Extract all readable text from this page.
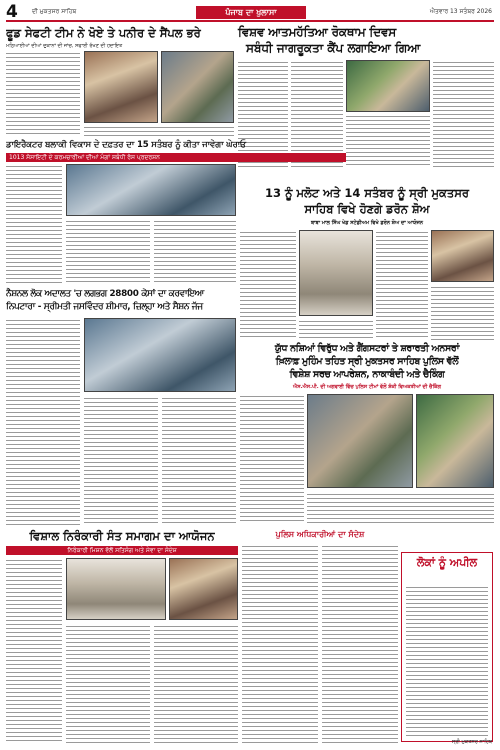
4 ਦੀ ਮੁਕਤਸਰ ਸਾਹਿਬ	ਪੰਜਾਬ ਦਾ ਖੁਲਾਸਾ	ਐਤਵਾਰ 13 ਸਤੰਬਰ 2026
ਫੂਡ ਸੇਫਟੀ ਟੀਮ ਨੇ ਖੋਏ ਤੇ ਪਨੀਰ ਦੇ ਸੈਂਪਲ ਭਰੇ
ਮਠਿਆਈਆਂ ਦੀਆਂ ਦੁਕਾਨਾਂ ਦੀ ਜਾਂਚ, ਸਫਾਈ ਰੱਖਣ ਦੀ ਹਦਾਇਤ
ਵਿਸ਼ਵ ਆਤਮਹੱਤਿਆ ਰੋਕਥਾਮ ਦਿਵਸ
ਸਬੰਧੀ ਜਾਗਰੂਕਤਾ ਕੈਂਪ ਲਗਾਇਆ ਗਿਆ
ਡਾਇਰੈਕਟਰ ਬਲਾਕੀ ਵਿਕਾਸ ਦੇ ਦਫ਼ਤਰ ਦਾ 15 ਸਤੰਬਰ ਨੂੰ ਕੀਤਾ ਜਾਵੇਗਾ ਘੇਰਾਓ
1013 ਸੋਸਾਇਟੀ ਦੇ ਕਰਮਚਾਰੀਆਂ ਦੀਆਂ ਮੰਗਾਂ ਸਬੰਧੀ ਰੋਸ ਪ੍ਰਦਰਸ਼ਨ
13 ਨੂੰ ਮਲੋਟ ਅਤੇ 14 ਸਤੰਬਰ ਨੂੰ ਸ੍ਰੀ ਮੁਕਤਸਰ
ਸਾਹਿਬ ਵਿਖੇ ਹੋਣਗੇ ਡਰੋਨ ਸ਼ੋਅ
ਬਾਬਾ ਮਾਲ ਸਿੰਘ ਖੇਡ ਸਟੇਡੀਅਮ ਵਿਖੇ ਡਰੋਨ ਸ਼ੋਅ ਦਾ ਆਯੋਜਨ
ਨੈਸ਼ਨਲ ਲੋਕ ਅਦਾਲਤ 'ਚ ਲਗਭਗ 28800 ਕੇਸਾਂ ਦਾ ਕਰਵਾਇਆ
ਨਿਪਟਾਰਾ - ਸ੍ਰੀਮਤੀ ਜਸਵਿੰਦਰ ਸ਼ੀਮਾਰ, ਜ਼ਿਲ੍ਹਾ ਅਤੇ ਸੈਸ਼ਨ ਜੱਜ
ਯੁੱਧ ਨਸ਼ਿਆਂ ਵਿਰੁੱਧ ਅਤੇ ਗੈਂਗਸਟਰਾਂ ਤੇ ਸ਼ਰਾਰਤੀ ਅਨਸਰਾਂ
ਖ਼ਿਲਾਫ਼ ਮੁਹਿੰਮ ਤਹਿਤ ਸ੍ਰੀ ਮੁਕਤਸਰ ਸਾਹਿਬ ਪੁਲਿਸ ਵੱਲੋਂ
ਵਿਸ਼ੇਸ਼ ਸਰਚ ਆਪਰੇਸ਼ਨ, ਨਾਕਾਬੰਦੀ ਅਤੇ ਚੈਕਿੰਗ
ਐਸ.ਐਸ.ਪੀ. ਦੀ ਅਗਵਾਈ ਵਿੱਚ ਪੁਲਿਸ ਟੀਮਾਂ ਵੱਲੋਂ ਸ਼ੱਕੀ ਵਿਅਕਤੀਆਂ ਦੀ ਚੈਕਿੰਗ
ਵਿਸ਼ਾਲ ਨਿਰੰਕਾਰੀ ਸੰਤ ਸਮਾਗਮ ਦਾ ਆਯੋਜਨ
ਨਿਰੰਕਾਰੀ ਮਿਸ਼ਨ ਵੱਲੋਂ ਸਤਿਸੰਗ ਅਤੇ ਸੇਵਾ ਦਾ ਸੰਦੇਸ਼
ਪੁਲਿਸ ਅਧਿਕਾਰੀਆਂ ਦਾ ਸੰਦੇਸ਼
ਲੋਕਾਂ ਨੂੰ ਅਪੀਲ
ਸ੍ਰੀ ਮੁਕਤਸਰ ਸਾਹਿਬ
